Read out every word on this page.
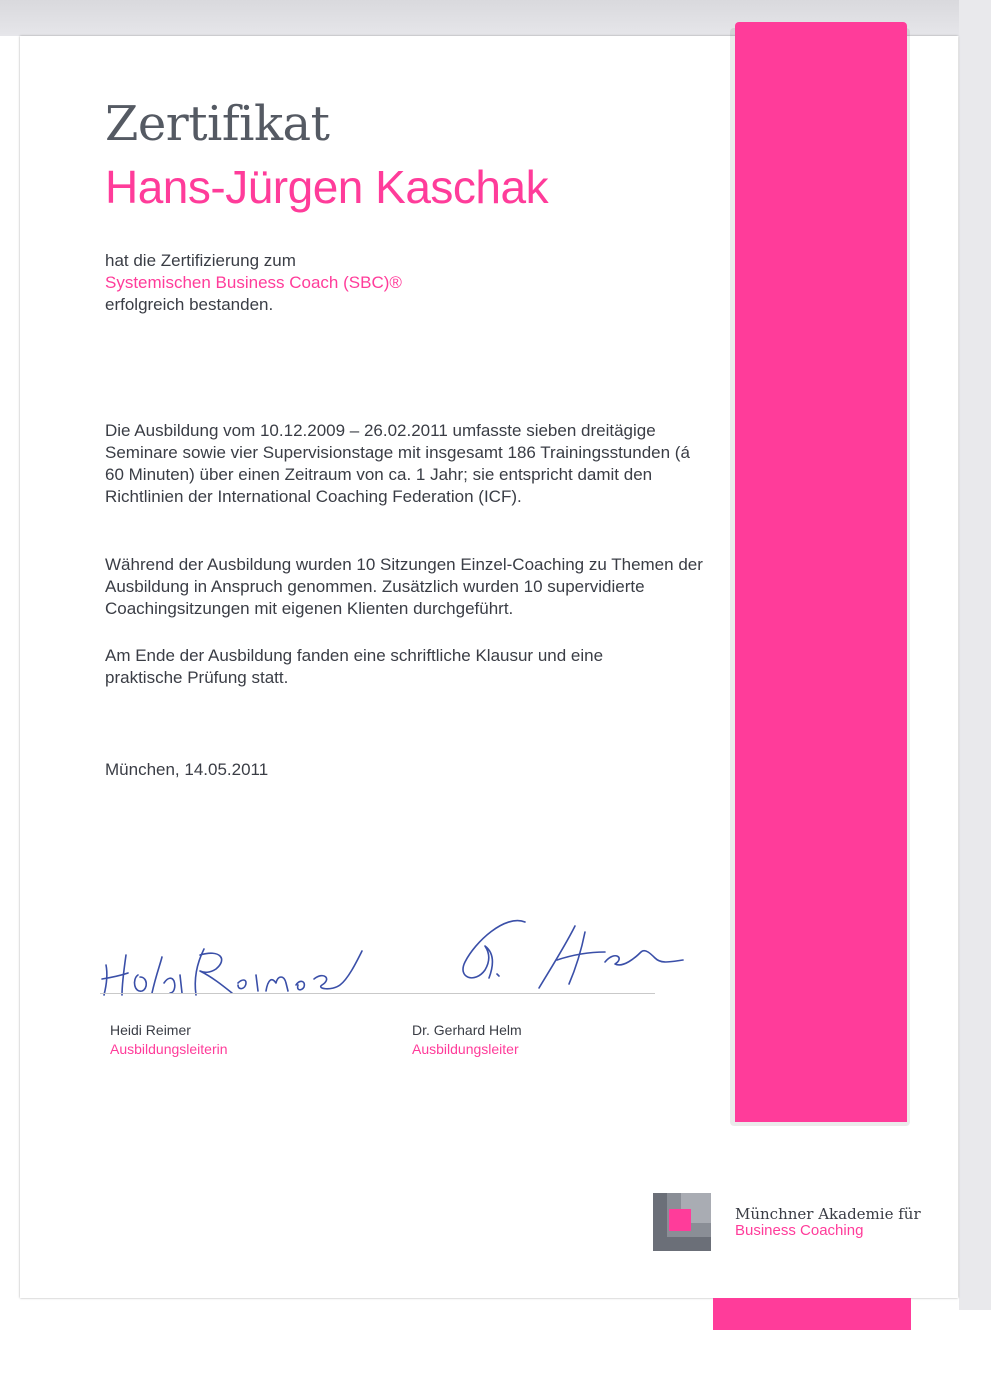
Zertifikat
Hans-Jürgen Kaschak

hat die Zertifizierung zum

Systemischen Business Coach (SBC)®

erfolgreich bestanden.

Die Ausbildung vom 10.12.2009 – 26.02.2011 umfasste sieben dreitägige Seminare sowie vier Supervisionstage mit insgesamt 186 Trainingsstunden (á 60 Minuten) über einen Zeitraum von ca. 1 Jahr; sie entspricht damit den Richtlinien der International Coaching Federation (ICF).

Während der Ausbildung wurden 10 Sitzungen Einzel-Coaching zu Themen der Ausbildung in Anspruch genommen. Zusätzlich wurden 10 supervidierte Coachingsitzungen mit eigenen Klienten durchgeführt.

Am Ende der Ausbildung fanden eine schriftliche Klausur und eine praktische Prüfung statt.

München, 14.05.2011

Heidi Reimer
Ausbildungsleiterin
Dr. Gerhard Helm
Ausbildungsleiter
Münchner Akademie für
Business Coaching
